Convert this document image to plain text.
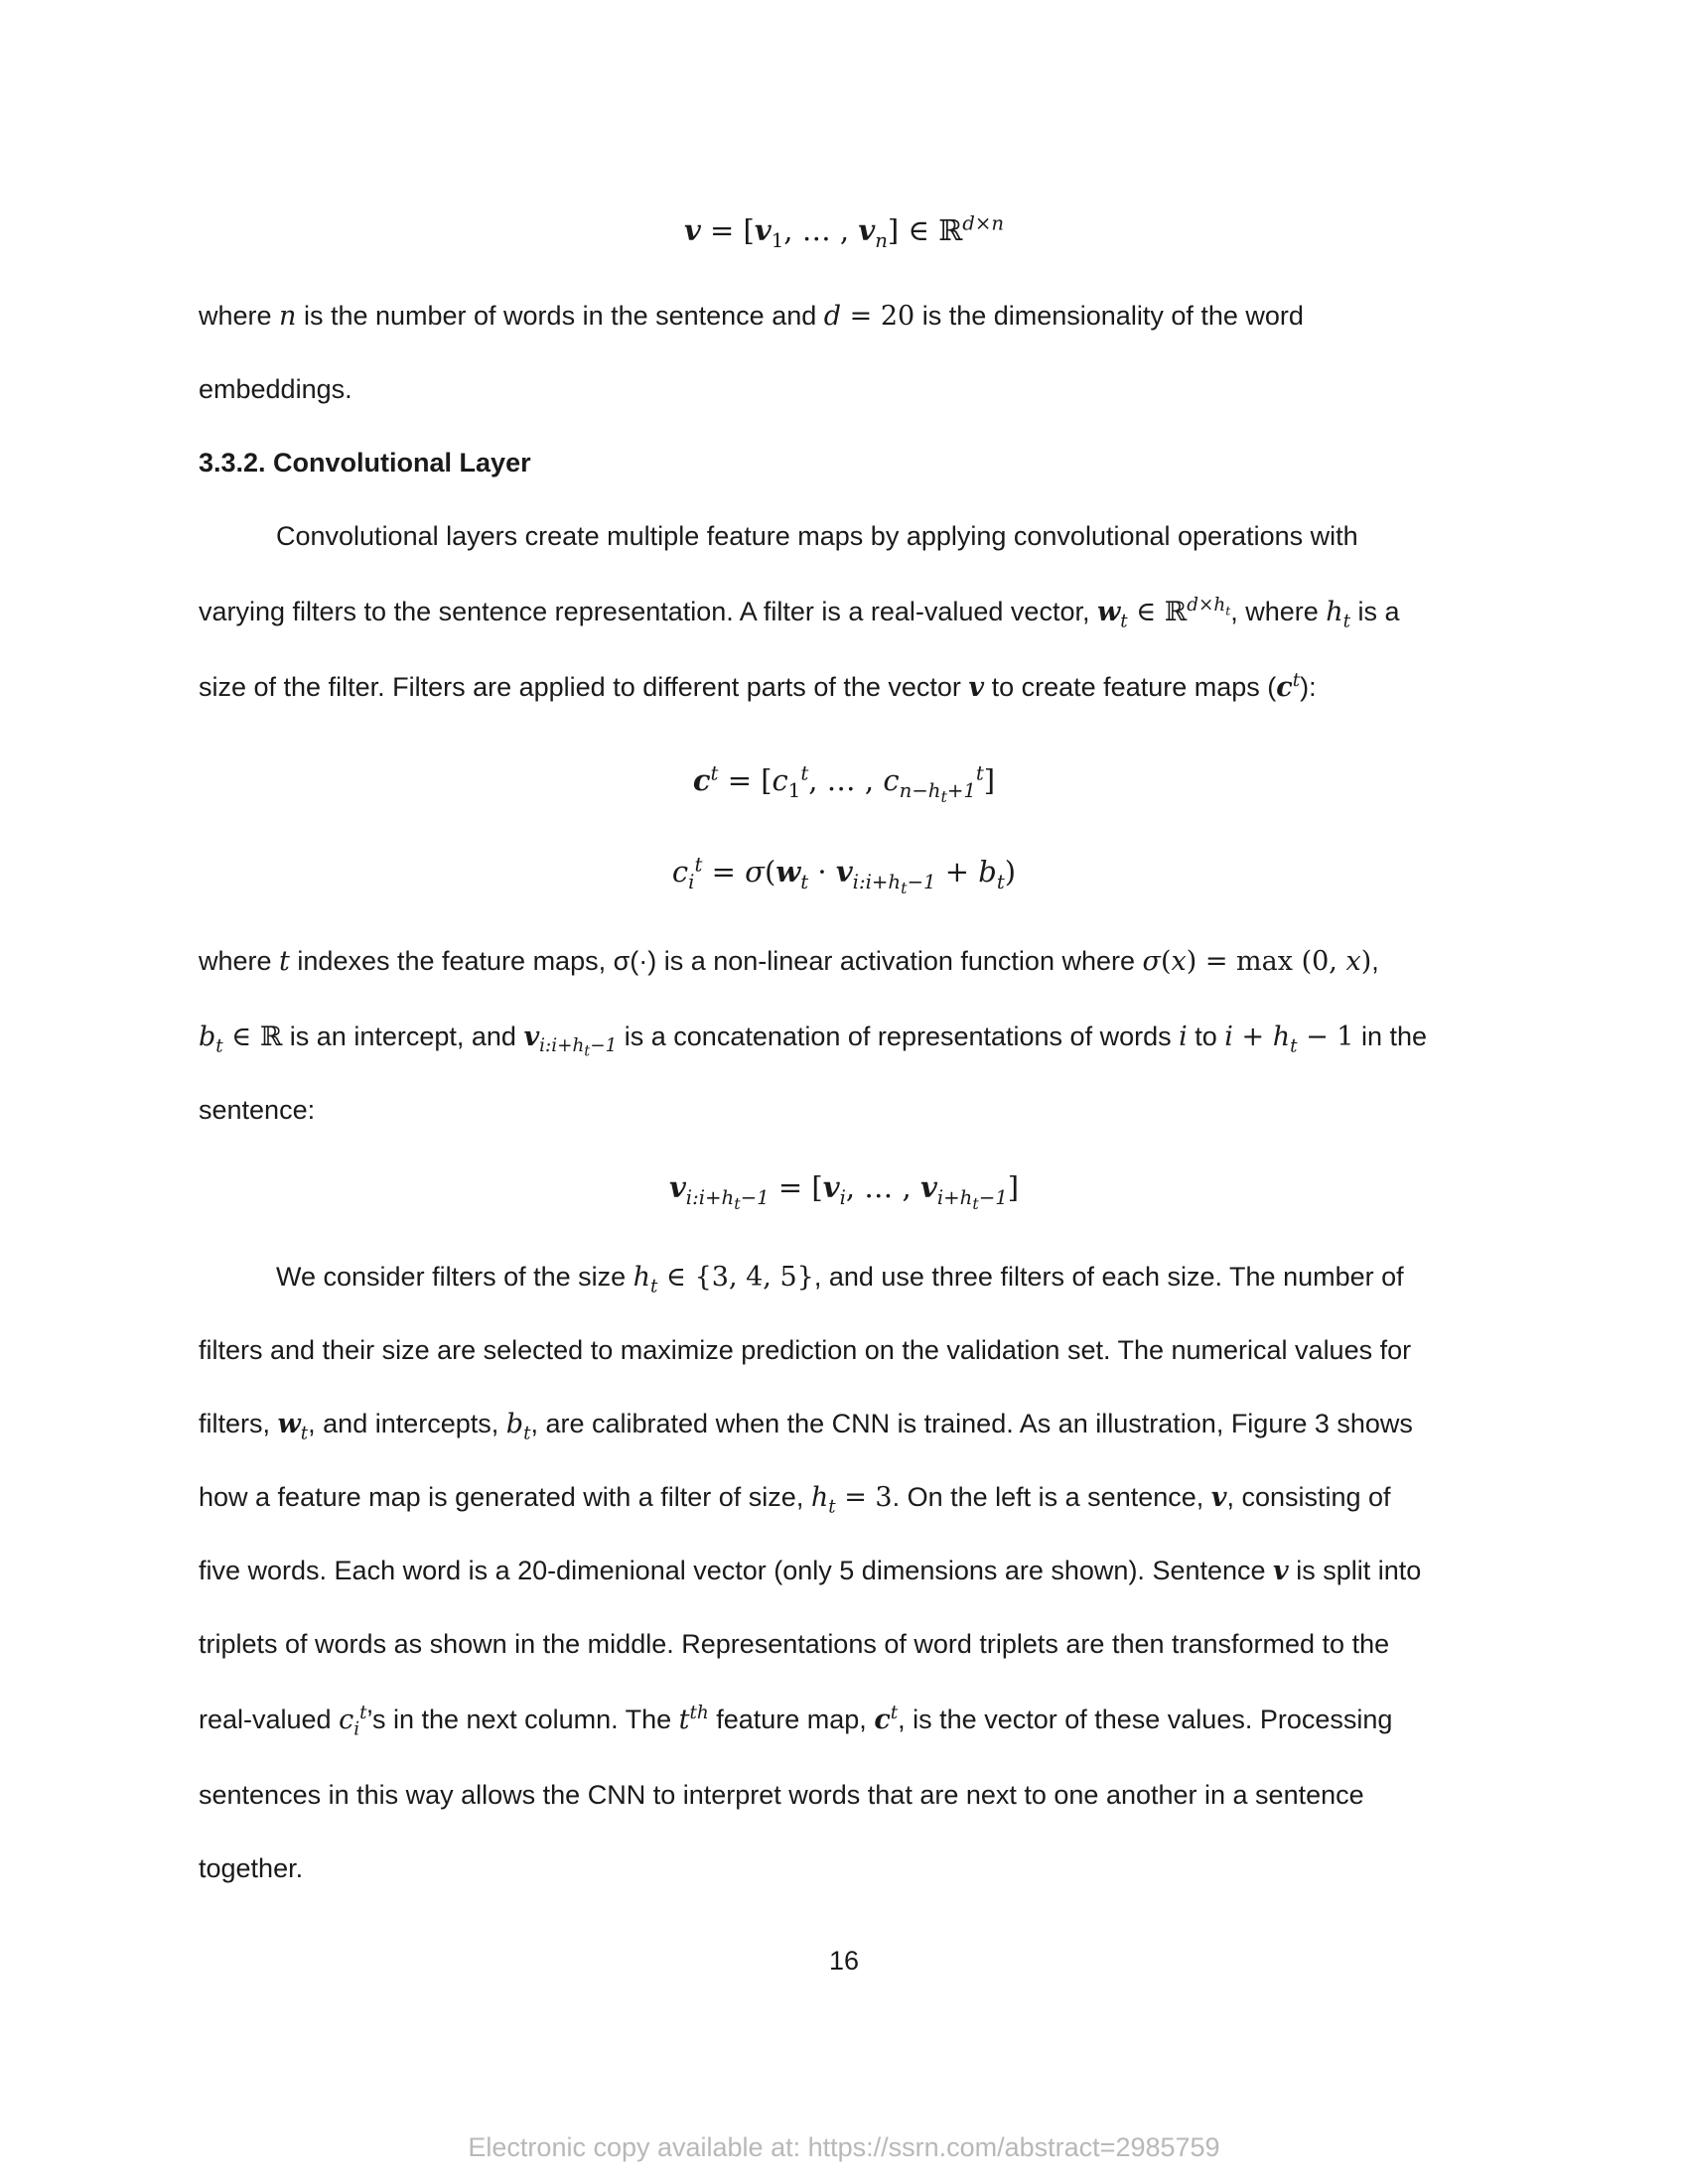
$v = [v_1$, … , $v_n$] ∈ ℝ$^{d\times n}$
where n is the number of words in the sentence and d = 20 is the dimensionality of the word
embeddings.
3.3.2. Convolutional Layer
Convolutional layers create multiple feature maps by applying convolutional operations with
varying filters to the sentence representation. A filter is a real-valued vector, $w_t$ ∈ ℝ$^{d\times h_t}$, where $h_t$ is a
size of the filter. Filters are applied to different parts of the vector v to create feature maps $(c^t)$:
$c^t = [c_1^t$, … , $c_{n-h_t+1}^t$]
$c_i^t = \sigma(w_t \cdot v_{i:i+h_t-1} + b_t)$
where t indexes the feature maps, σ(·) is a non-linear activation function where σ(x) = max (0, x),
$b_t$ ∈ ℝ is an intercept, and $v_{i:i+h_t-1}$ is a concatenation of representations of words i to $i + h_t - 1$ in the
sentence:
$v_{i:i+h_t-1} = [v_i$, … , $v_{i+h_t-1}$]
We consider filters of the size $h_t$ ∈ {3, 4, 5}, and use three filters of each size. The number of
filters and their size are selected to maximize prediction on the validation set. The numerical values for
filters, $w_t$, and intercepts, $b_t$, are calibrated when the CNN is trained. As an illustration, Figure 3 shows
how a feature map is generated with a filter of size, $h_t = 3$. On the left is a sentence, v, consisting of
five words. Each word is a 20-dimenional vector (only 5 dimensions are shown). Sentence v is split into
triplets of words as shown in the middle. Representations of word triplets are then transformed to the
real-valued $c_i^t’s$ in the next column. The $t^{th}$ feature map, $c^t$, is the vector of these values. Processing
sentences in this way allows the CNN to interpret words that are next to one another in a sentence
together.
16
Electronic copy available at: https://ssrn.com/abstract=2985759
